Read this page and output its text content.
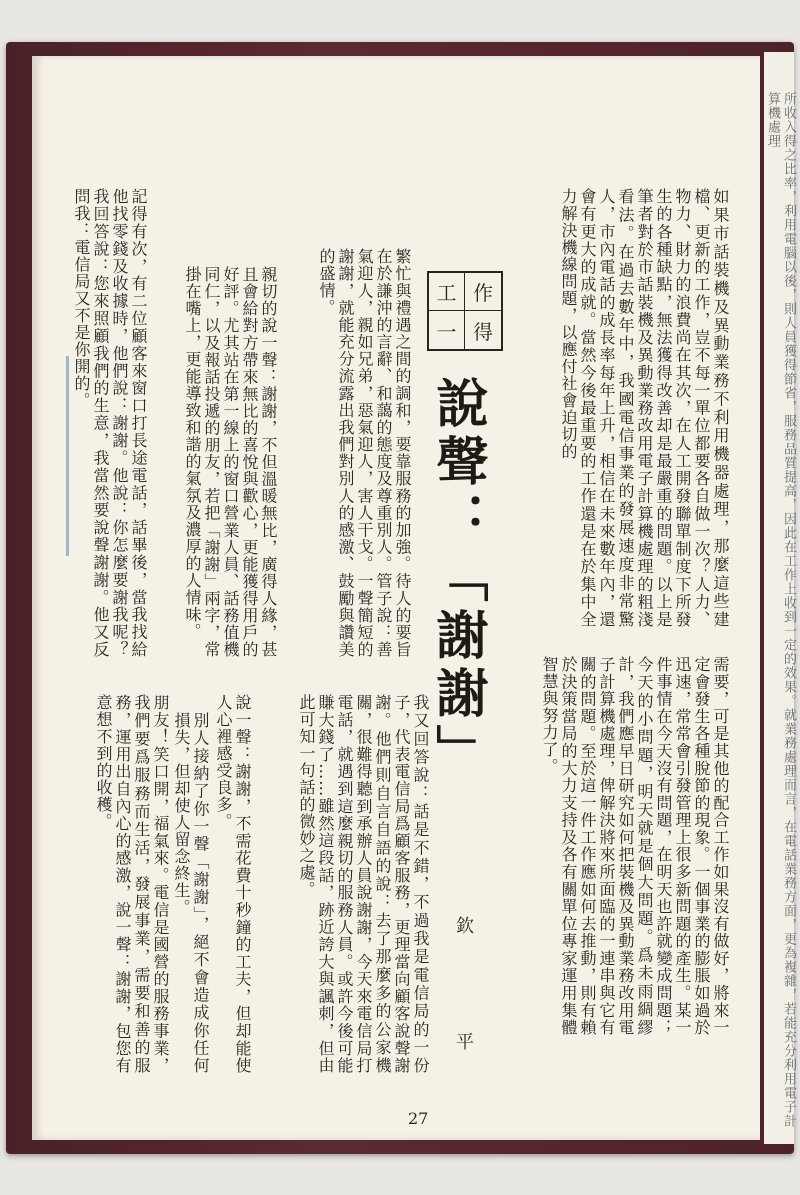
所收入得之比率，利用電腦以後，則人員獲得節省，服務品質提高，因此在工作上收到一定的效果。就業務處理而言，在電話業務方面，更為複雜，若能充分利用電子計算機處理
如果市話裝機及異動業務不利用機器處理，那麼這些建檔、更新的工作，豈不每一單位都要各自做一次？人力、物力、財力的浪費尚在其次，在人工開發聯單制度下所發生的各種缺點，無法獲得改善却是最嚴重的問題。以上是筆者對於市話裝機及異動業務改用電子計算機處理的粗淺看法。在過去數年中，我國電信事業的發展速度非常驚人，市內電話的成長率每年上升，相信在未來數年內，還會有更大的成就。當然今後最重要的工作還是在於集中全力解決機線問題，以應付社會迫切的
工 作
一 得
說聲：「謝謝」
繁忙與禮遇之間的調和，要靠服務的加強。待人的要旨在於謙沖的言辭、和藹的態度及尊重別人。管子說：善氣迎人，親如兄弟，惡氣迎人，害人干戈。一聲簡短的謝謝，就能充分流露出我們對別人的感激、鼓勵與讚美的盛情。
親切的說一聲：謝謝，不但溫暖無比，廣得人緣，甚且會給對方帶來無比的喜悅與歡心，更能獲得用戶的好評。尤其站在第一線上的窗口營業人員、話務值機同仁，以及報話投遞的朋友，若把「謝謝」兩字，常掛在嘴上，更能導致和諧的氣氛及濃厚的人情味。
記得有次，有二位顧客來窗口打長途電話，話畢後，當我找給他找零錢及收據時，他們說：謝謝。他說：你怎麼要謝我呢？我回答說：您來照顧我們的生意，我當然要說聲謝謝。他又反問我：電信局又不是你開的。
需要，可是其他的配合工作如果沒有做好，將來一定會發生各種脫節的現象。一個事業的膨脹如過於迅速，常常會引發管理上很多新問題的產生。某一件事情在今天沒有問題，在明天也許就變成問題；今天的小問題，明天就是個大問題。爲未雨綢繆計，我們應早日研究如何把裝機及異動業務改用電子計算機處理，俾解決將來所面臨的一連串與它有關的問題。至於這一件工作應如何去推動，則有賴於決策當局的大力支持及各有關單位專家運用集體智慧與努力了。
欽　平
我又回答說：話是不錯，不過我是電信局的一份子，代表電信局爲顧客服務，更理當向顧客說聲謝謝。他們則自言自語的說：去了那麼多的公家機關，很難得聽到承辦人員說謝謝，今天來電信局打電話，就遇到這麼親切的服務人員。或許今後可能賺大錢了……雖然這段話，跡近誇大與諷刺，但由此可知一句話的微妙之處。
說一聲：謝謝，不需花費十秒鐘的工夫，但却能使人心裡感受良多。
別人接納了你一聲「謝謝」，絕不會造成你任何損失，但却使人留念終生。
朋友！笑口開，福氣來。電信是國營的服務事業，我們要爲服務而生活，發展事業，需要和善的服務，運用出自內心的感激，說一聲：謝謝，包您有意想不到的收穫。
27
